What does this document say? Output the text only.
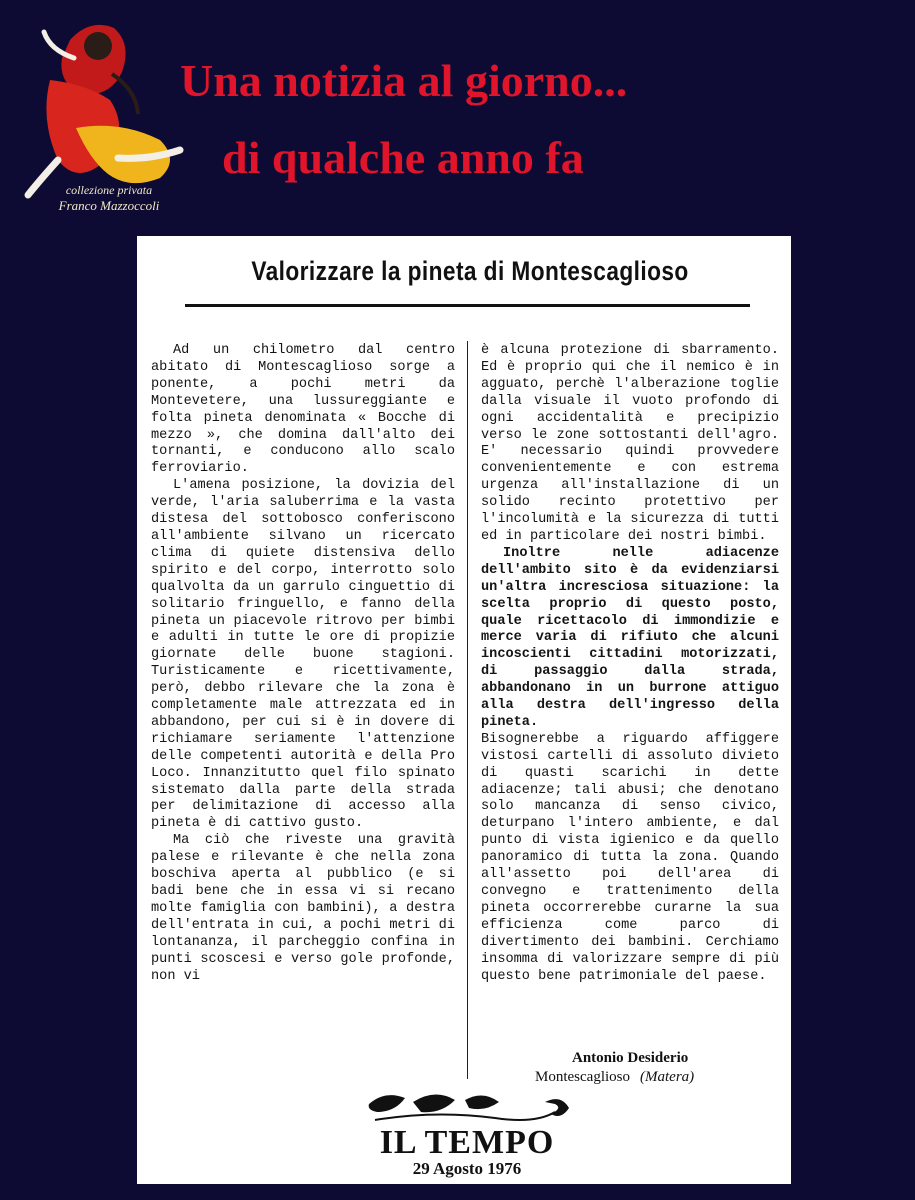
collezione privata
Franco Mazzoccoli
Una notizia al giorno...
di qualche anno fa
Valorizzare la pineta di Montescaglioso

Ad un chilometro dal centro abitato di Montescaglioso sorge a ponente, a pochi metri da Montevetere, una lussureggiante e folta pineta denominata « Bocche di mezzo », che domina dall'alto dei tornanti, e conducono allo scalo ferroviario.

L'amena posizione, la dovizia del verde, l'aria saluberrima e la vasta distesa del sottobosco conferiscono all'ambiente silvano un ricercato clima di quiete distensiva dello spirito e del corpo, interrotto solo qualvolta da un garrulo cinguettio di solitario fringuello, e fanno della pineta un piacevole ritrovo per bimbi e adulti in tutte le ore di propizie giornate delle buone stagioni. Turisticamente e ricettivamente, però, debbo rilevare che la zona è completamente male attrezzata ed in abbandono, per cui si è in dovere di richiamare seriamente l'attenzione delle competenti autorità e della Pro Loco. Innanzitutto quel filo spinato sistemato dalla parte della strada per delimitazione di accesso alla pineta è di cattivo gusto.

Ma ciò che riveste una gravità palese e rilevante è che nella zona boschiva aperta al pubblico (e si badi bene che in essa vi si recano molte famiglia con bambini), a destra dell'entrata in cui, a pochi metri di lontananza, il parcheggio confina in punti scoscesi e verso gole profonde, non vi

è alcuna protezione di sbarramento. Ed è proprio qui che il nemico è in agguato, perchè l'alberazione toglie dalla visuale il vuoto profondo di ogni accidentalità e precipizio verso le zone sottostanti dell'agro. E' necessario quindi provvedere convenientemente e con estrema urgenza all'installazione di un solido recinto protettivo per l'incolumità e la sicurezza di tutti ed in particolare dei nostri bimbi.

Inoltre nelle adiacenze dell'ambito sito è da evidenziarsi un'altra incresciosa situazione: la scelta proprio di questo posto, quale ricettacolo di immondizie e merce varia di rifiuto che alcuni incoscienti cittadini motorizzati, di passaggio dalla strada, abbandonano in un burrone attiguo alla destra dell'ingresso della pineta.

Bisognerebbe a riguardo affiggere vistosi cartelli di assoluto divieto di quasti scarichi in dette adiacenze; tali abusi; che denotano solo mancanza di senso civico, deturpano l'intero ambiente, e dal punto di vista igienico e da quello panoramico di tutta la zona. Quando all'assetto poi dell'area di convegno e trattenimento della pineta occorrerebbe curarne la sua efficienza come parco di divertimento dei bambini. Cerchiamo insomma di valorizzare sempre di più questo bene patrimoniale del paese.

Antonio Desiderio
Montescaglioso (Matera)
IL TEMPO
29 Agosto 1976
